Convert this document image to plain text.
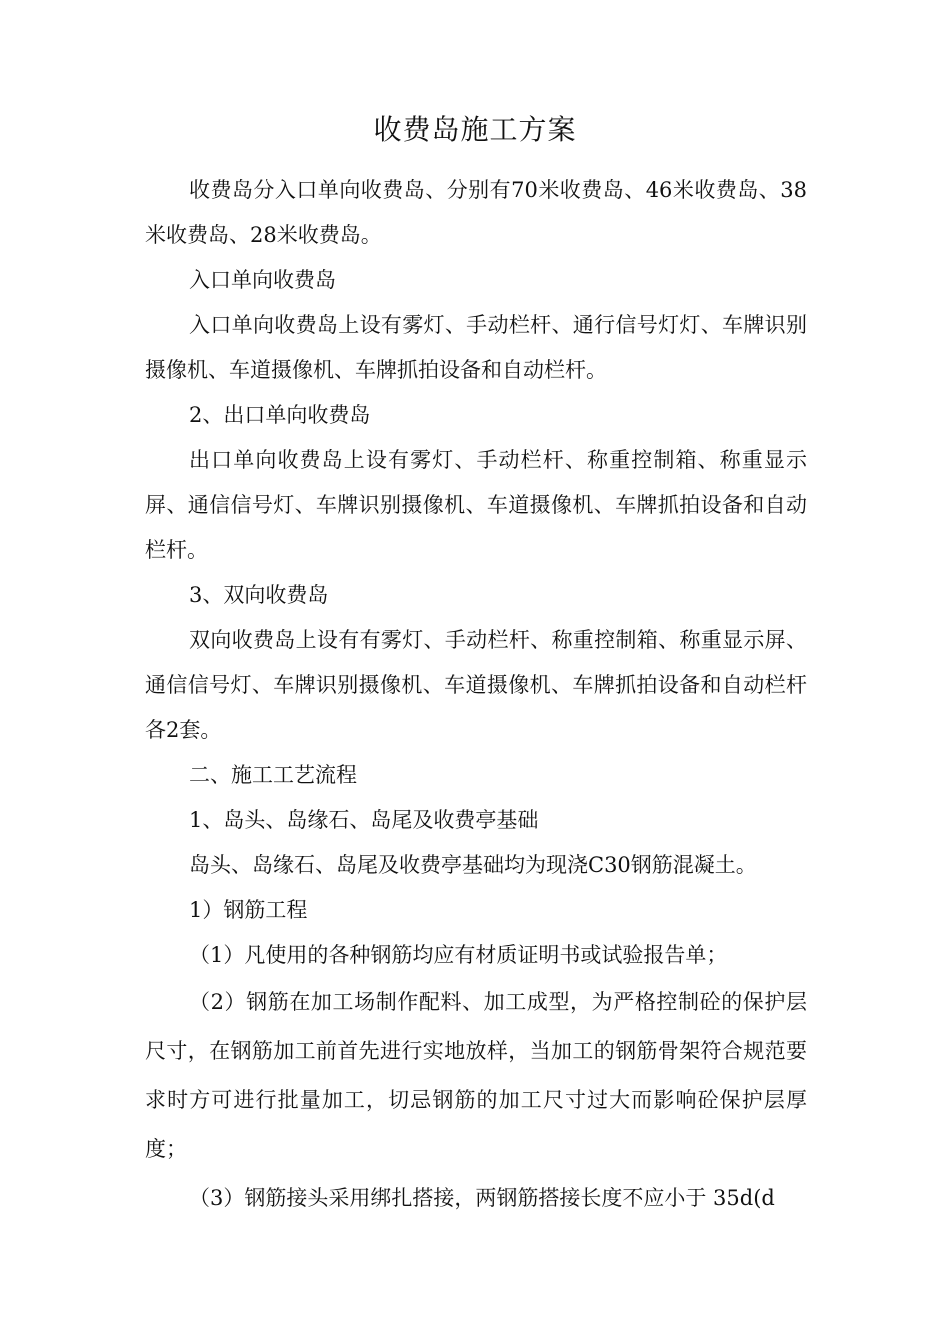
收费岛施工方案

收费岛分入口单向收费岛、分别有70米收费岛、46米收费岛、38米收费岛、28米收费岛。

入口单向收费岛

入口单向收费岛上设有雾灯、手动栏杆、通行信号灯灯、车牌识别摄像机、车道摄像机、车牌抓拍设备和自动栏杆。

2、出口单向收费岛

出口单向收费岛上设有雾灯、手动栏杆、称重控制箱、称重显示屏、通信信号灯、车牌识别摄像机、车道摄像机、车牌抓拍设备和自动栏杆。

3、双向收费岛

双向收费岛上设有有雾灯、手动栏杆、称重控制箱、称重显示屏、通信信号灯、车牌识别摄像机、车道摄像机、车牌抓拍设备和自动栏杆各2套。

二、施工工艺流程

1、岛头、岛缘石、岛尾及收费亭基础

岛头、岛缘石、岛尾及收费亭基础均为现浇C30钢筋混凝土。

1）钢筋工程

（1）凡使用的各种钢筋均应有材质证明书或试验报告单；

（2）钢筋在加工场制作配料、加工成型，为严格控制砼的保护层尺寸，在钢筋加工前首先进行实地放样，当加工的钢筋骨架符合规范要求时方可进行批量加工，切忌钢筋的加工尺寸过大而影响砼保护层厚度；

（3）钢筋接头采用绑扎搭接，两钢筋搭接长度不应小于 35d(d
